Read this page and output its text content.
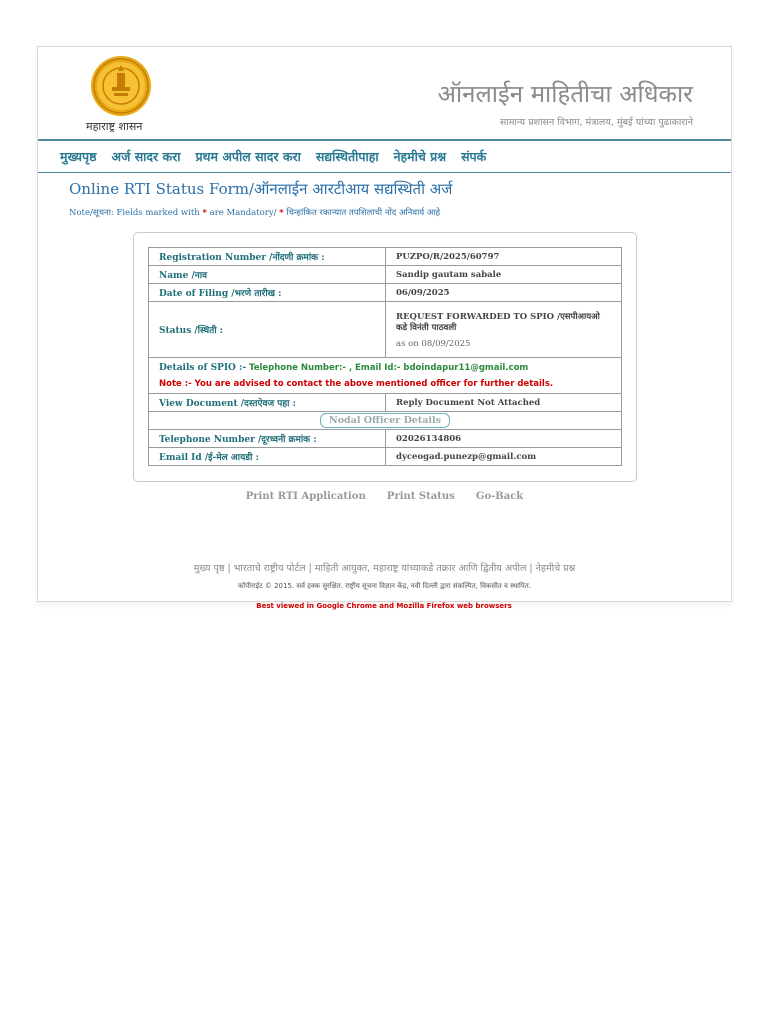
महाराष्ट्र शासन
ऑनलाईन माहितीचा अधिकार
सामान्य प्रशासन विभाग, मंत्रालय, मुंबई यांच्या पुढाकाराने
मुख्यपृष्ठ अर्ज सादर करा प्रथम अपील सादर करा सद्यस्थितीपाहा नेहमीचे प्रश्न संपर्क
Online RTI Status Form/ऑनलाईन आरटीआय सद्यस्थिती अर्ज
Note/सूचना: Fields marked with * are Mandatory/ * चिन्हांकित रकान्यात तपशिलाची नोंद अनिवार्य आहे
Registration Number /नोंदणी क्रमांक :	PUZPO/R/2025/60797
Name /नाव	Sandip gautam sabale
Date of Filing /भरणे तारीख :	06/09/2025
Status /स्थिती :	REQUEST FORWARDED TO SPIO /एसपीआयओ कडे विनंती पाठवली
as on 08/09/2025

Details of SPIO :- Telephone Number:- , Email Id:- bdoindapur11@gmail.com
Note :- You are advised to contact the above mentioned officer for further details.	

View Document /दस्तऐवज पहा :	Reply Document Not Attached
Nodal Officer Details	
Telephone Number /दूरध्वनी क्रमांक :	02026134806
Email Id /ई-मेल आयडी :	dyceogad.punezp@gmail.com
Print RTI Application Print Status Go-Back
मुख्य पृष्ठ | भारताचे राष्ट्रीय पोर्टल | माहिती आयुक्त, महाराष्ट्र यांच्याकडे तक्रार आणि द्वितीय अपील | नेहमीचे प्रश्न
कॉपीराईट © 2015. सर्व हक्क सुरक्षित. राष्ट्रीय सूचना विज्ञान केंद्र, नवी दिल्ली द्वारा संकल्पित, विकसीत व स्थापित.
Best viewed in Google Chrome and Mozilla Firefox web browsers
